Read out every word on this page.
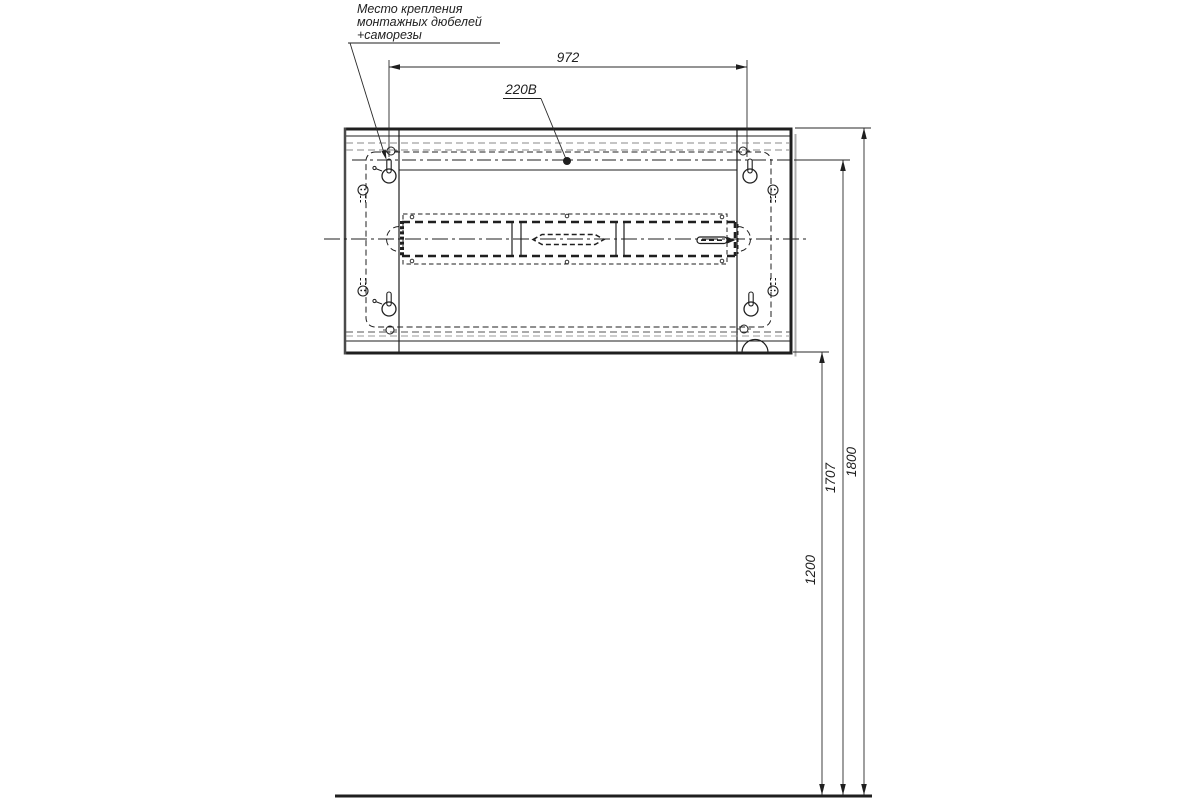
972
220В
Место крепления
монтажных дюбелей
+саморезы
1800
1707
1200
